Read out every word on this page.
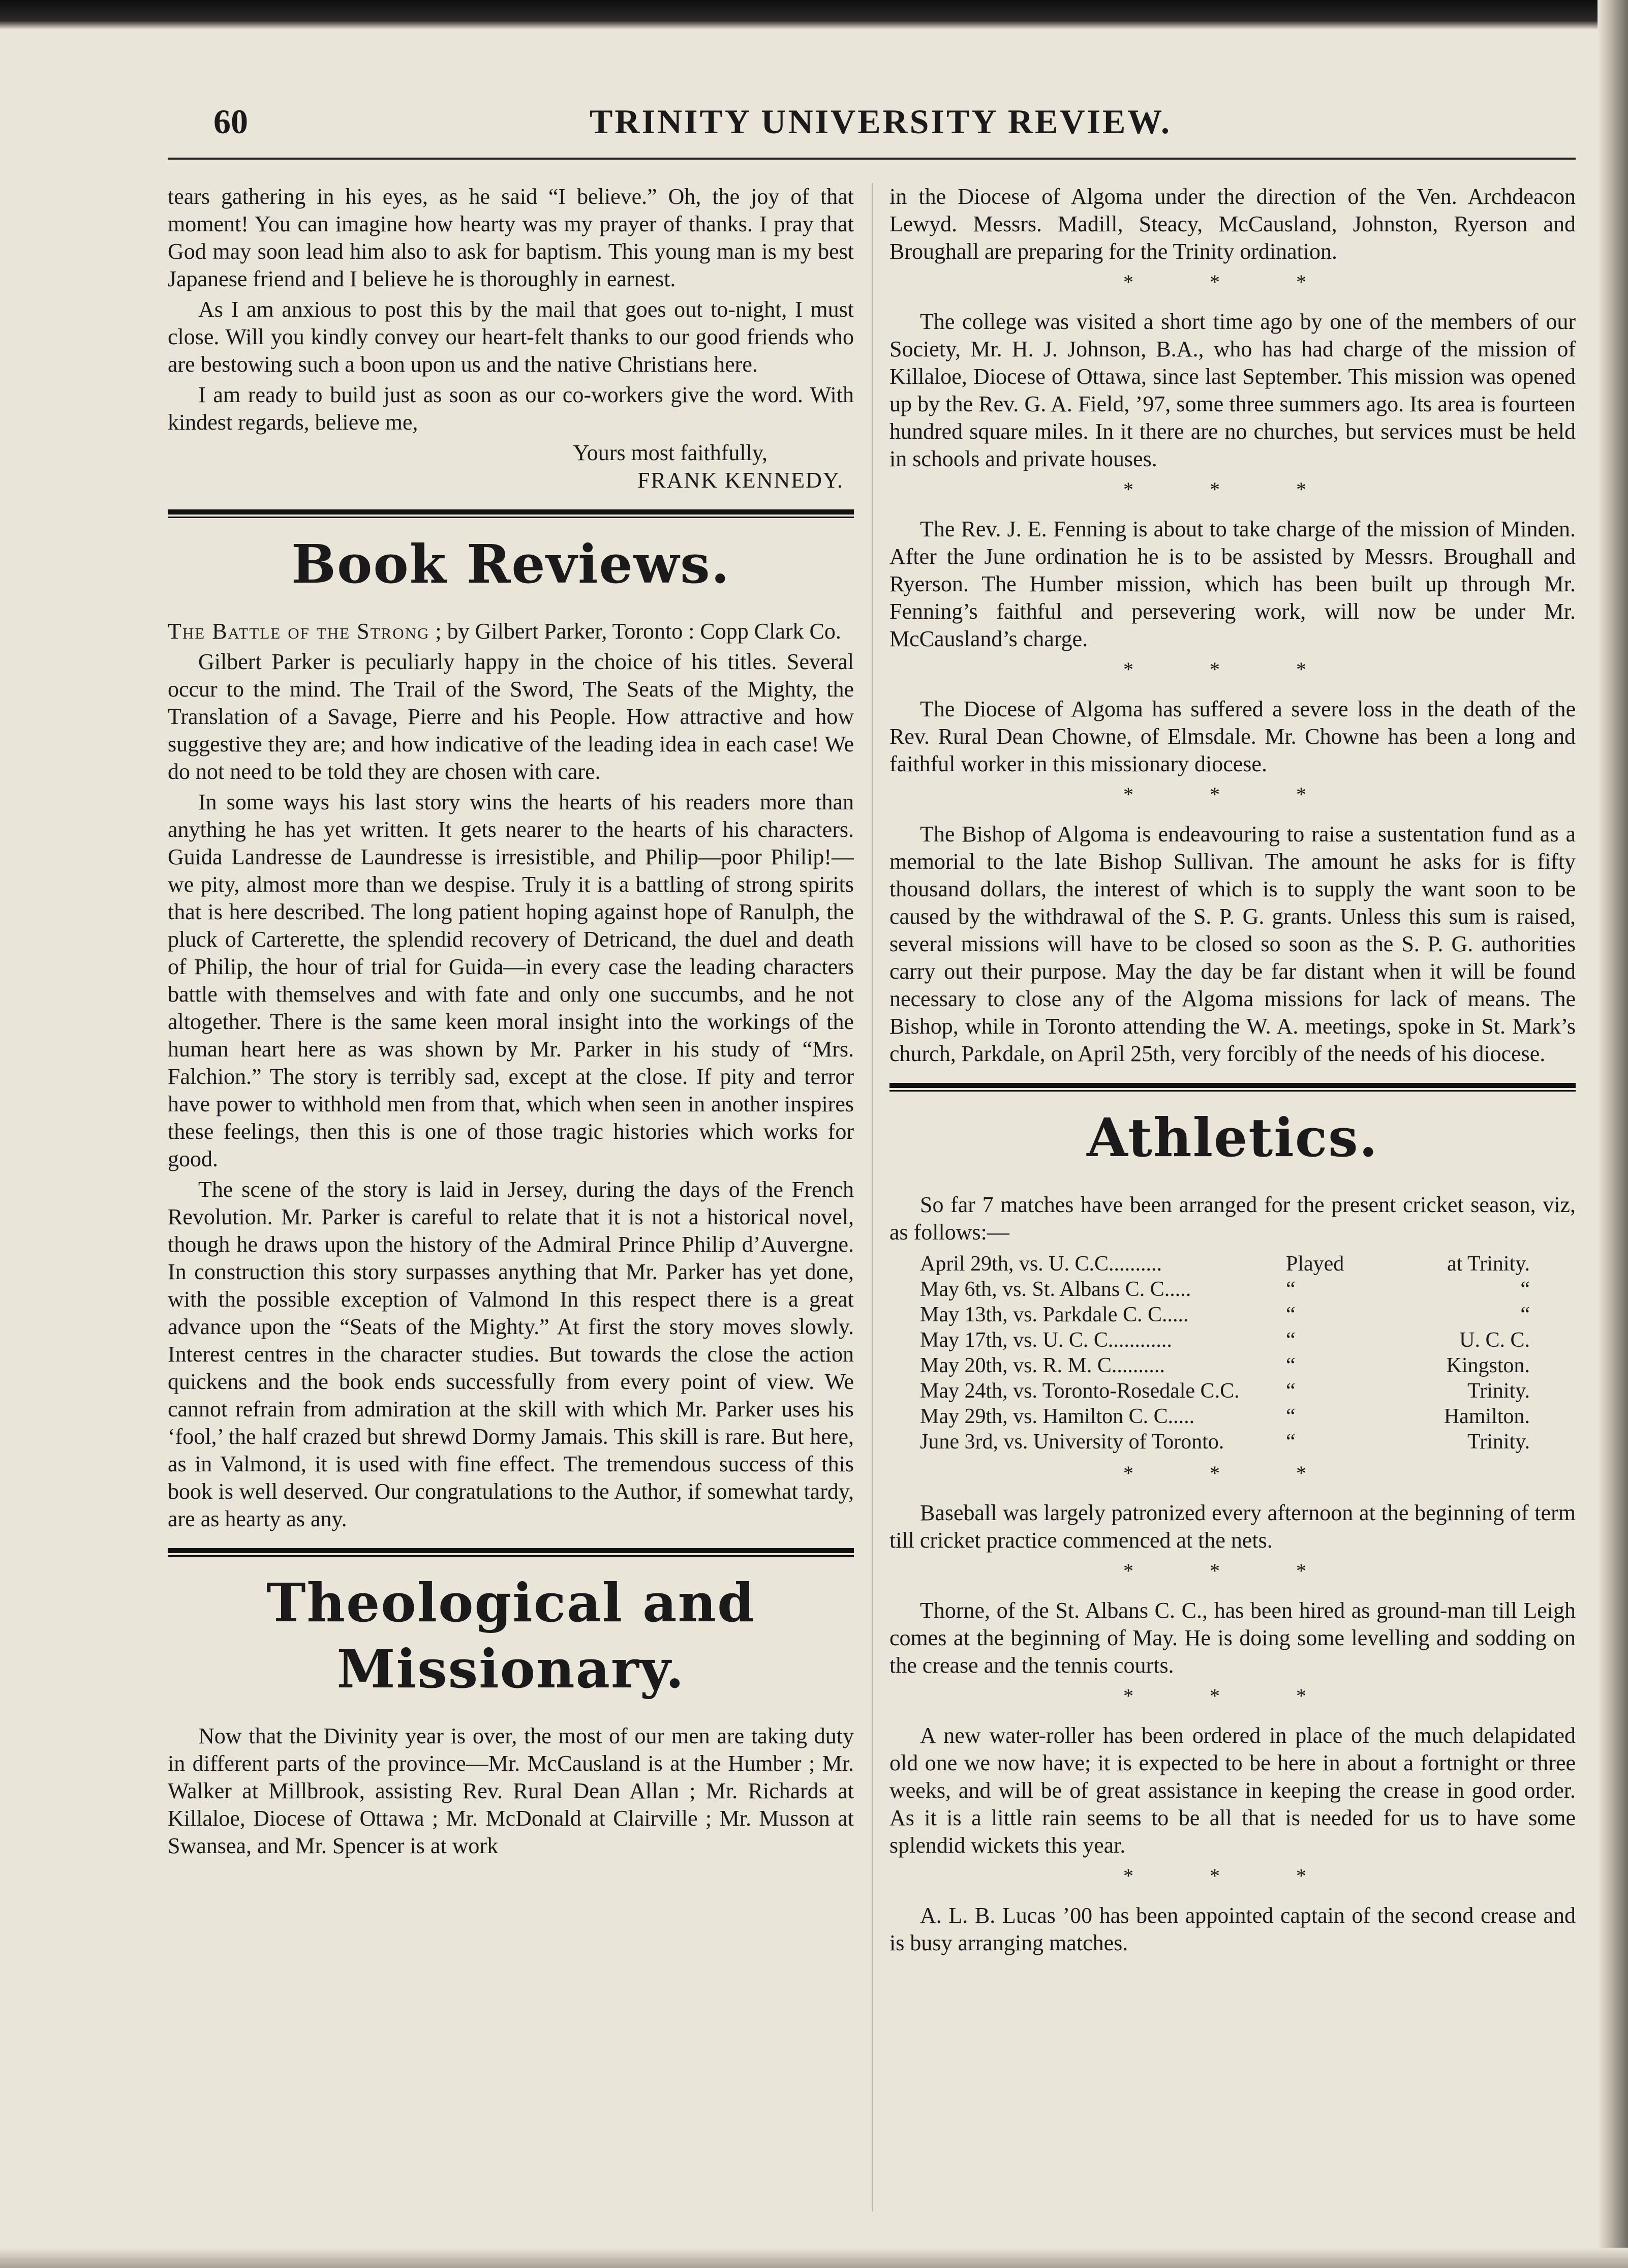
60	TRINITY UNIVERSITY REVIEW.

tears gathering in his eyes, as he said “I believe.” Oh, the joy of that moment! You can imagine how hearty was my prayer of thanks. I pray that God may soon lead him also to ask for baptism. This young man is my best Japanese friend and I believe he is thoroughly in earnest.

As I am anxious to post this by the mail that goes out to-night, I must close. Will you kindly convey our heart-felt thanks to our good friends who are bestowing such a boon upon us and the native Christians here.

I am ready to build just as soon as our co-workers give the word. With kindest regards, believe me,

Yours most faithfully,

FRANK KENNEDY.

Book Reviews.

The Battle of the Strong ; by Gilbert Parker, Toronto : Copp Clark Co.

Gilbert Parker is peculiarly happy in the choice of his titles. Several occur to the mind. The Trail of the Sword, The Seats of the Mighty, the Translation of a Savage, Pierre and his People. How attractive and how suggestive they are; and how indicative of the leading idea in each case! We do not need to be told they are chosen with care.

In some ways his last story wins the hearts of his readers more than anything he has yet written. It gets nearer to the hearts of his characters. Guida Landresse de Laundresse is irresistible, and Philip—poor Philip!—we pity, almost more than we despise. Truly it is a battling of strong spirits that is here described. The long patient hoping against hope of Ranulph, the pluck of Carterette, the splendid recovery of Detricand, the duel and death of Philip, the hour of trial for Guida—in every case the leading characters battle with themselves and with fate and only one succumbs, and he not altogether. There is the same keen moral insight into the workings of the human heart here as was shown by Mr. Parker in his study of “Mrs. Falchion.” The story is terribly sad, except at the close. If pity and terror have power to withhold men from that, which when seen in another inspires these feelings, then this is one of those tragic histories which works for good.

The scene of the story is laid in Jersey, during the days of the French Revolution. Mr. Parker is careful to relate that it is not a historical novel, though he draws upon the history of the Admiral Prince Philip d’Auvergne. In construction this story surpasses anything that Mr. Parker has yet done, with the possible exception of Valmond In this respect there is a great advance upon the “Seats of the Mighty.” At first the story moves slowly. Interest centres in the character studies. But towards the close the action quickens and the book ends successfully from every point of view. We cannot refrain from admiration at the skill with which Mr. Parker uses his ‘fool,’ the half crazed but shrewd Dormy Jamais. This skill is rare. But here, as in Valmond, it is used with fine effect. The tremendous success of this book is well deserved. Our congratulations to the Author, if somewhat tardy, are as hearty as any.

Theological and Missionary.

Now that the Divinity year is over, the most of our men are taking duty in different parts of the province—Mr. McCausland is at the Humber ; Mr. Walker at Millbrook, assisting Rev. Rural Dean Allan ; Mr. Richards at Killaloe, Diocese of Ottawa ; Mr. McDonald at Clairville ; Mr. Musson at Swansea, and Mr. Spencer is at work

in the Diocese of Algoma under the direction of the Ven. Archdeacon Lewyd. Messrs. Madill, Steacy, McCausland, Johnston, Ryerson and Broughall are preparing for the Trinity ordination.

* * *

The college was visited a short time ago by one of the members of our Society, Mr. H. J. Johnson, B.A., who has had charge of the mission of Killaloe, Diocese of Ottawa, since last September. This mission was opened up by the Rev. G. A. Field, ’97, some three summers ago. Its area is fourteen hundred square miles. In it there are no churches, but services must be held in schools and private houses.

* * *

The Rev. J. E. Fenning is about to take charge of the mission of Minden. After the June ordination he is to be assisted by Messrs. Broughall and Ryerson. The Humber mission, which has been built up through Mr. Fenning’s faithful and persevering work, will now be under Mr. McCausland’s charge.

* * *

The Diocese of Algoma has suffered a severe loss in the death of the Rev. Rural Dean Chowne, of Elmsdale. Mr. Chowne has been a long and faithful worker in this missionary diocese.

* * *

The Bishop of Algoma is endeavouring to raise a sustentation fund as a memorial to the late Bishop Sullivan. The amount he asks for is fifty thousand dollars, the interest of which is to supply the want soon to be caused by the withdrawal of the S. P. G. grants. Unless this sum is raised, several missions will have to be closed so soon as the S. P. G. authorities carry out their purpose. May the day be far distant when it will be found necessary to close any of the Algoma missions for lack of means. The Bishop, while in Toronto attending the W. A. meetings, spoke in St. Mark’s church, Parkdale, on April 25th, very forcibly of the needs of his diocese.

Athletics.

So far 7 matches have been arranged for the present cricket season, viz, as follows:—

April 29th, vs. U. C.C..........	Played	at Trinity.
May 6th, vs. St. Albans C. C.....	“	“
May 13th, vs. Parkdale C. C.....	“	“
May 17th, vs. U. C. C............	“	U. C. C.
May 20th, vs. R. M. C..........	“	Kingston.
May 24th, vs. Toronto-Rosedale C.C.	“	Trinity.
May 29th, vs. Hamilton C. C.....	“	Hamilton.
June 3rd, vs. University of Toronto.	“	Trinity.
* * *

Baseball was largely patronized every afternoon at the beginning of term till cricket practice commenced at the nets.

* * *

Thorne, of the St. Albans C. C., has been hired as ground-man till Leigh comes at the beginning of May. He is doing some levelling and sodding on the crease and the tennis courts.

* * *

A new water-roller has been ordered in place of the much delapidated old one we now have; it is expected to be here in about a fortnight or three weeks, and will be of great assistance in keeping the crease in good order. As it is a little rain seems to be all that is needed for us to have some splendid wickets this year.

* * *

A. L. B. Lucas ’00 has been appointed captain of the second crease and is busy arranging matches.
